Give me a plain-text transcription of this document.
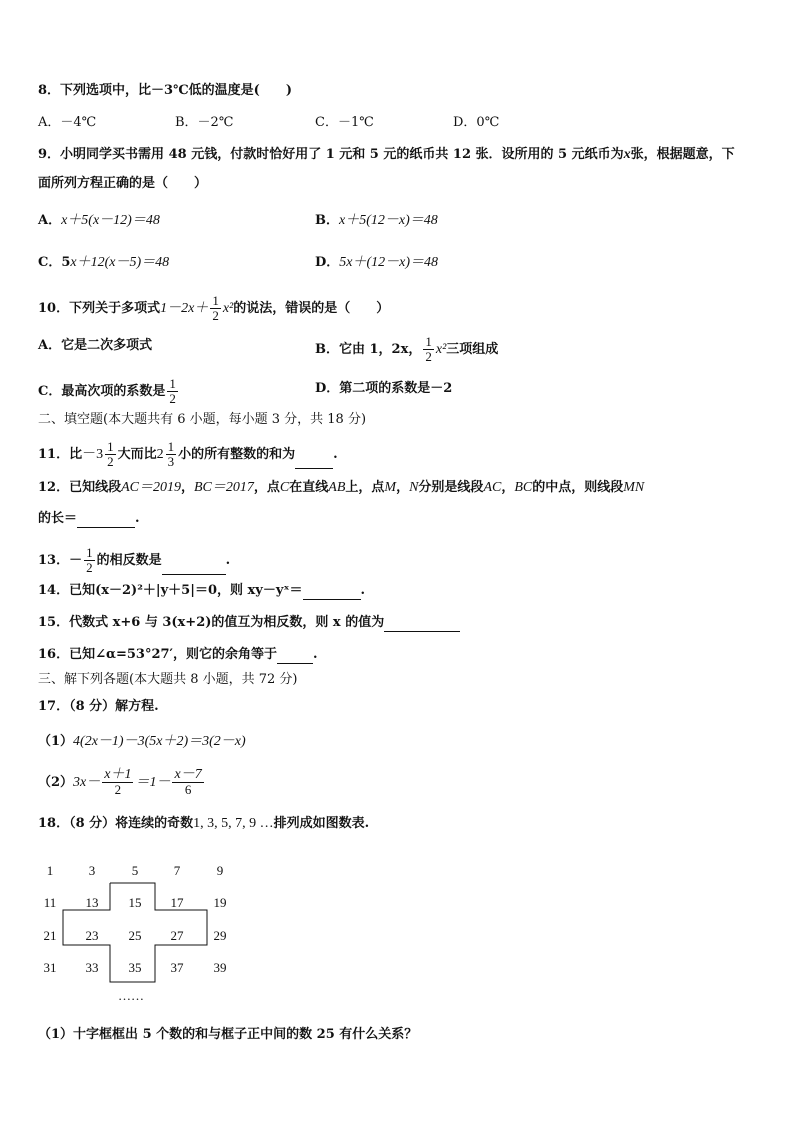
8．下列选项中，比－3℃低的温度是(　　)
A．－4℃	B．－2℃	C．－1℃	D．0℃
9．小明同学买书需用 48 元钱，付款时恰好用了 1 元和 5 元的纸币共 12 张．设所用的 5 元纸币为x张，根据题意，下
面所列方程正确的是（　　）
A．x＋5(x－12)＝48	B．x＋5(12－x)＝48
C．5x＋12(x－5)＝48	D．5x＋(12－x)＝48
10．下列关于多项式$1-2x+ \frac{1}{2} x^2$的说法，错误的是（　　）
A．它是二次多项式	B．它由 1，2x， $\frac{1}{2} x^2$三项组成
C．最高次项的系数是 $\frac{1}{2}$	D．第二项的系数是－2
二、填空题(本大题共有 6 小题，每小题 3 分，共 18 分)
11．比$-3 \frac{1}{2}$ 大而比$2 \frac{1}{3}$ 小的所有整数的和为	.
12．已知线段AC＝2019，BC＝2017，点C在直线AB上，点M，N分别是线段AC，BC的中点，则线段MN
的长＝	.
13．－ $\frac{1}{2}$ 的相反数是	.
14．已知(x－2)²＋|y＋5|＝0，则 xy－yˣ＝	.
15．代数式 x+6 与 3(x+2)的值互为相反数，则 x 的值为
16．已知∠α=53°27′，则它的余角等于	.
三、解下列各题(本大题共 8 小题，共 72 分)
17．（8 分）解方程.
（1）4(2x－1)－3(5x＋2)＝3(2－x)
$(2)3x- \frac{x+1}{2} =1- \frac{x-7}{6}$
18．（8 分）将连续的奇数1, 3, 5, 7, 9 …排列成如图数表.
1	3	5	7	9
11	13	15	17	19
21	23	25	27	29
31	33	35	37	39
……
（1）十字框框出 5 个数的和与框子正中间的数 25 有什么关系？
